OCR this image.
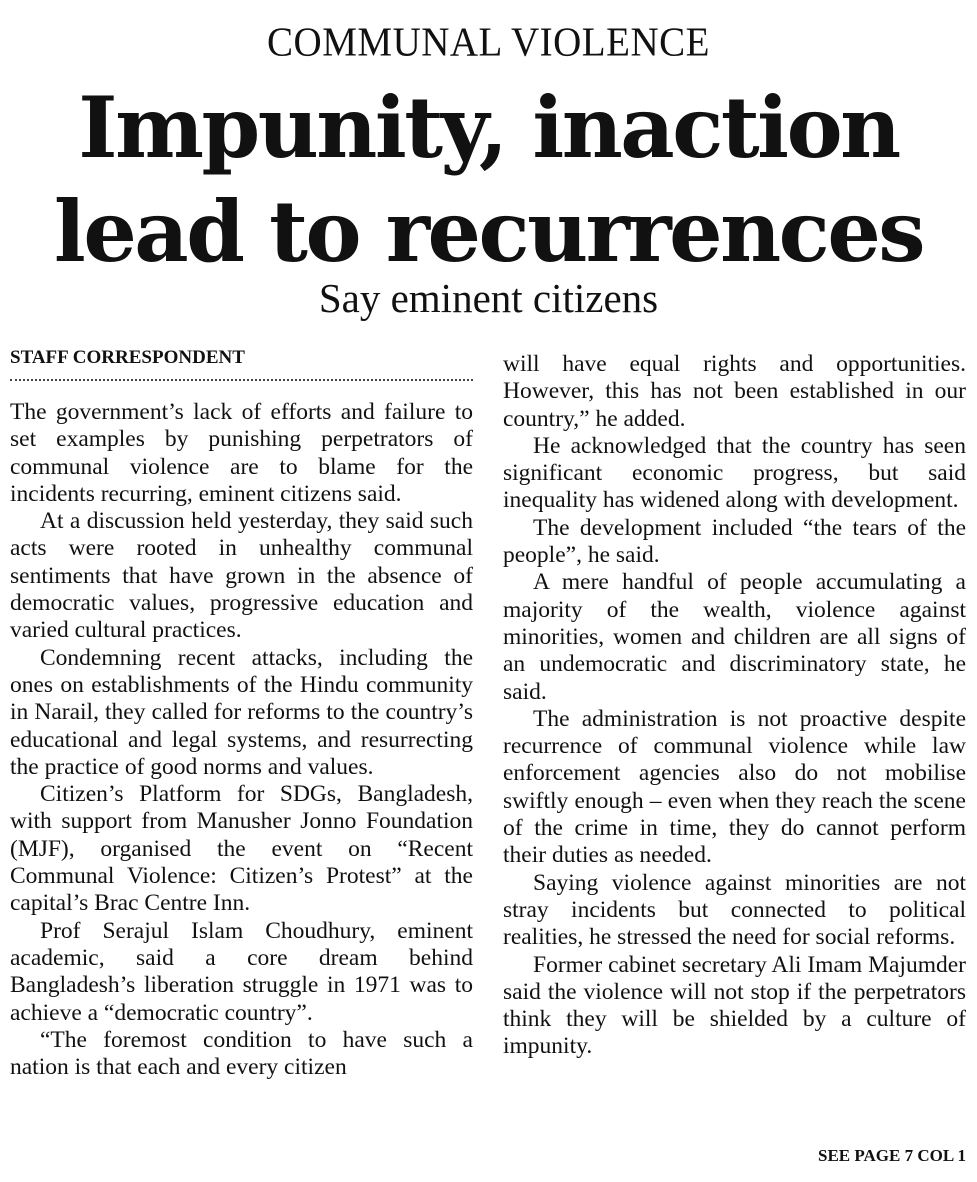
COMMUNAL VIOLENCE
Impunity, inaction
lead to recurrences
Say eminent citizens
STAFF CORRESPONDENT

The government’s lack of efforts and failure to set examples by punishing perpetrators of communal violence are to blame for the incidents recurring, eminent citizens said.

At a discussion held yesterday, they said such acts were rooted in unhealthy communal sentiments that have grown in the absence of democratic values, progressive education and varied cultural practices.

Condemning recent attacks, including the ones on establishments of the Hindu community in Narail, they called for reforms to the country’s educational and legal systems, and resurrecting the practice of good norms and values.

Citizen’s Platform for SDGs, Bangladesh, with support from Manusher Jonno Foundation (MJF), organised the event on “Recent Communal Violence: Citizen’s Protest” at the capital’s Brac Centre Inn.

Prof Serajul Islam Choudhury, eminent academic, said a core dream behind Bangladesh’s liberation struggle in 1971 was to achieve a “democratic country”.

“The foremost condition to have such a nation is that each and every citizen

will have equal rights and opportunities. However, this has not been established in our country,” he added.

He acknowledged that the country has seen significant economic progress, but said inequality has widened along with development.

The development included “the tears of the people”, he said.

A mere handful of people accumulating a majority of the wealth, violence against minorities, women and children are all signs of an undemocratic and discriminatory state, he said.

The administration is not proactive despite recurrence of communal violence while law enforcement agencies also do not mobilise swiftly enough – even when they reach the scene of the crime in time, they do cannot perform their duties as needed.

Saying violence against minorities are not stray incidents but connected to political realities, he stressed the need for social reforms.

Former cabinet secretary Ali Imam Majumder said the violence will not stop if the perpetrators think they will be shielded by a culture of impunity.

SEE PAGE 7 COL 1
